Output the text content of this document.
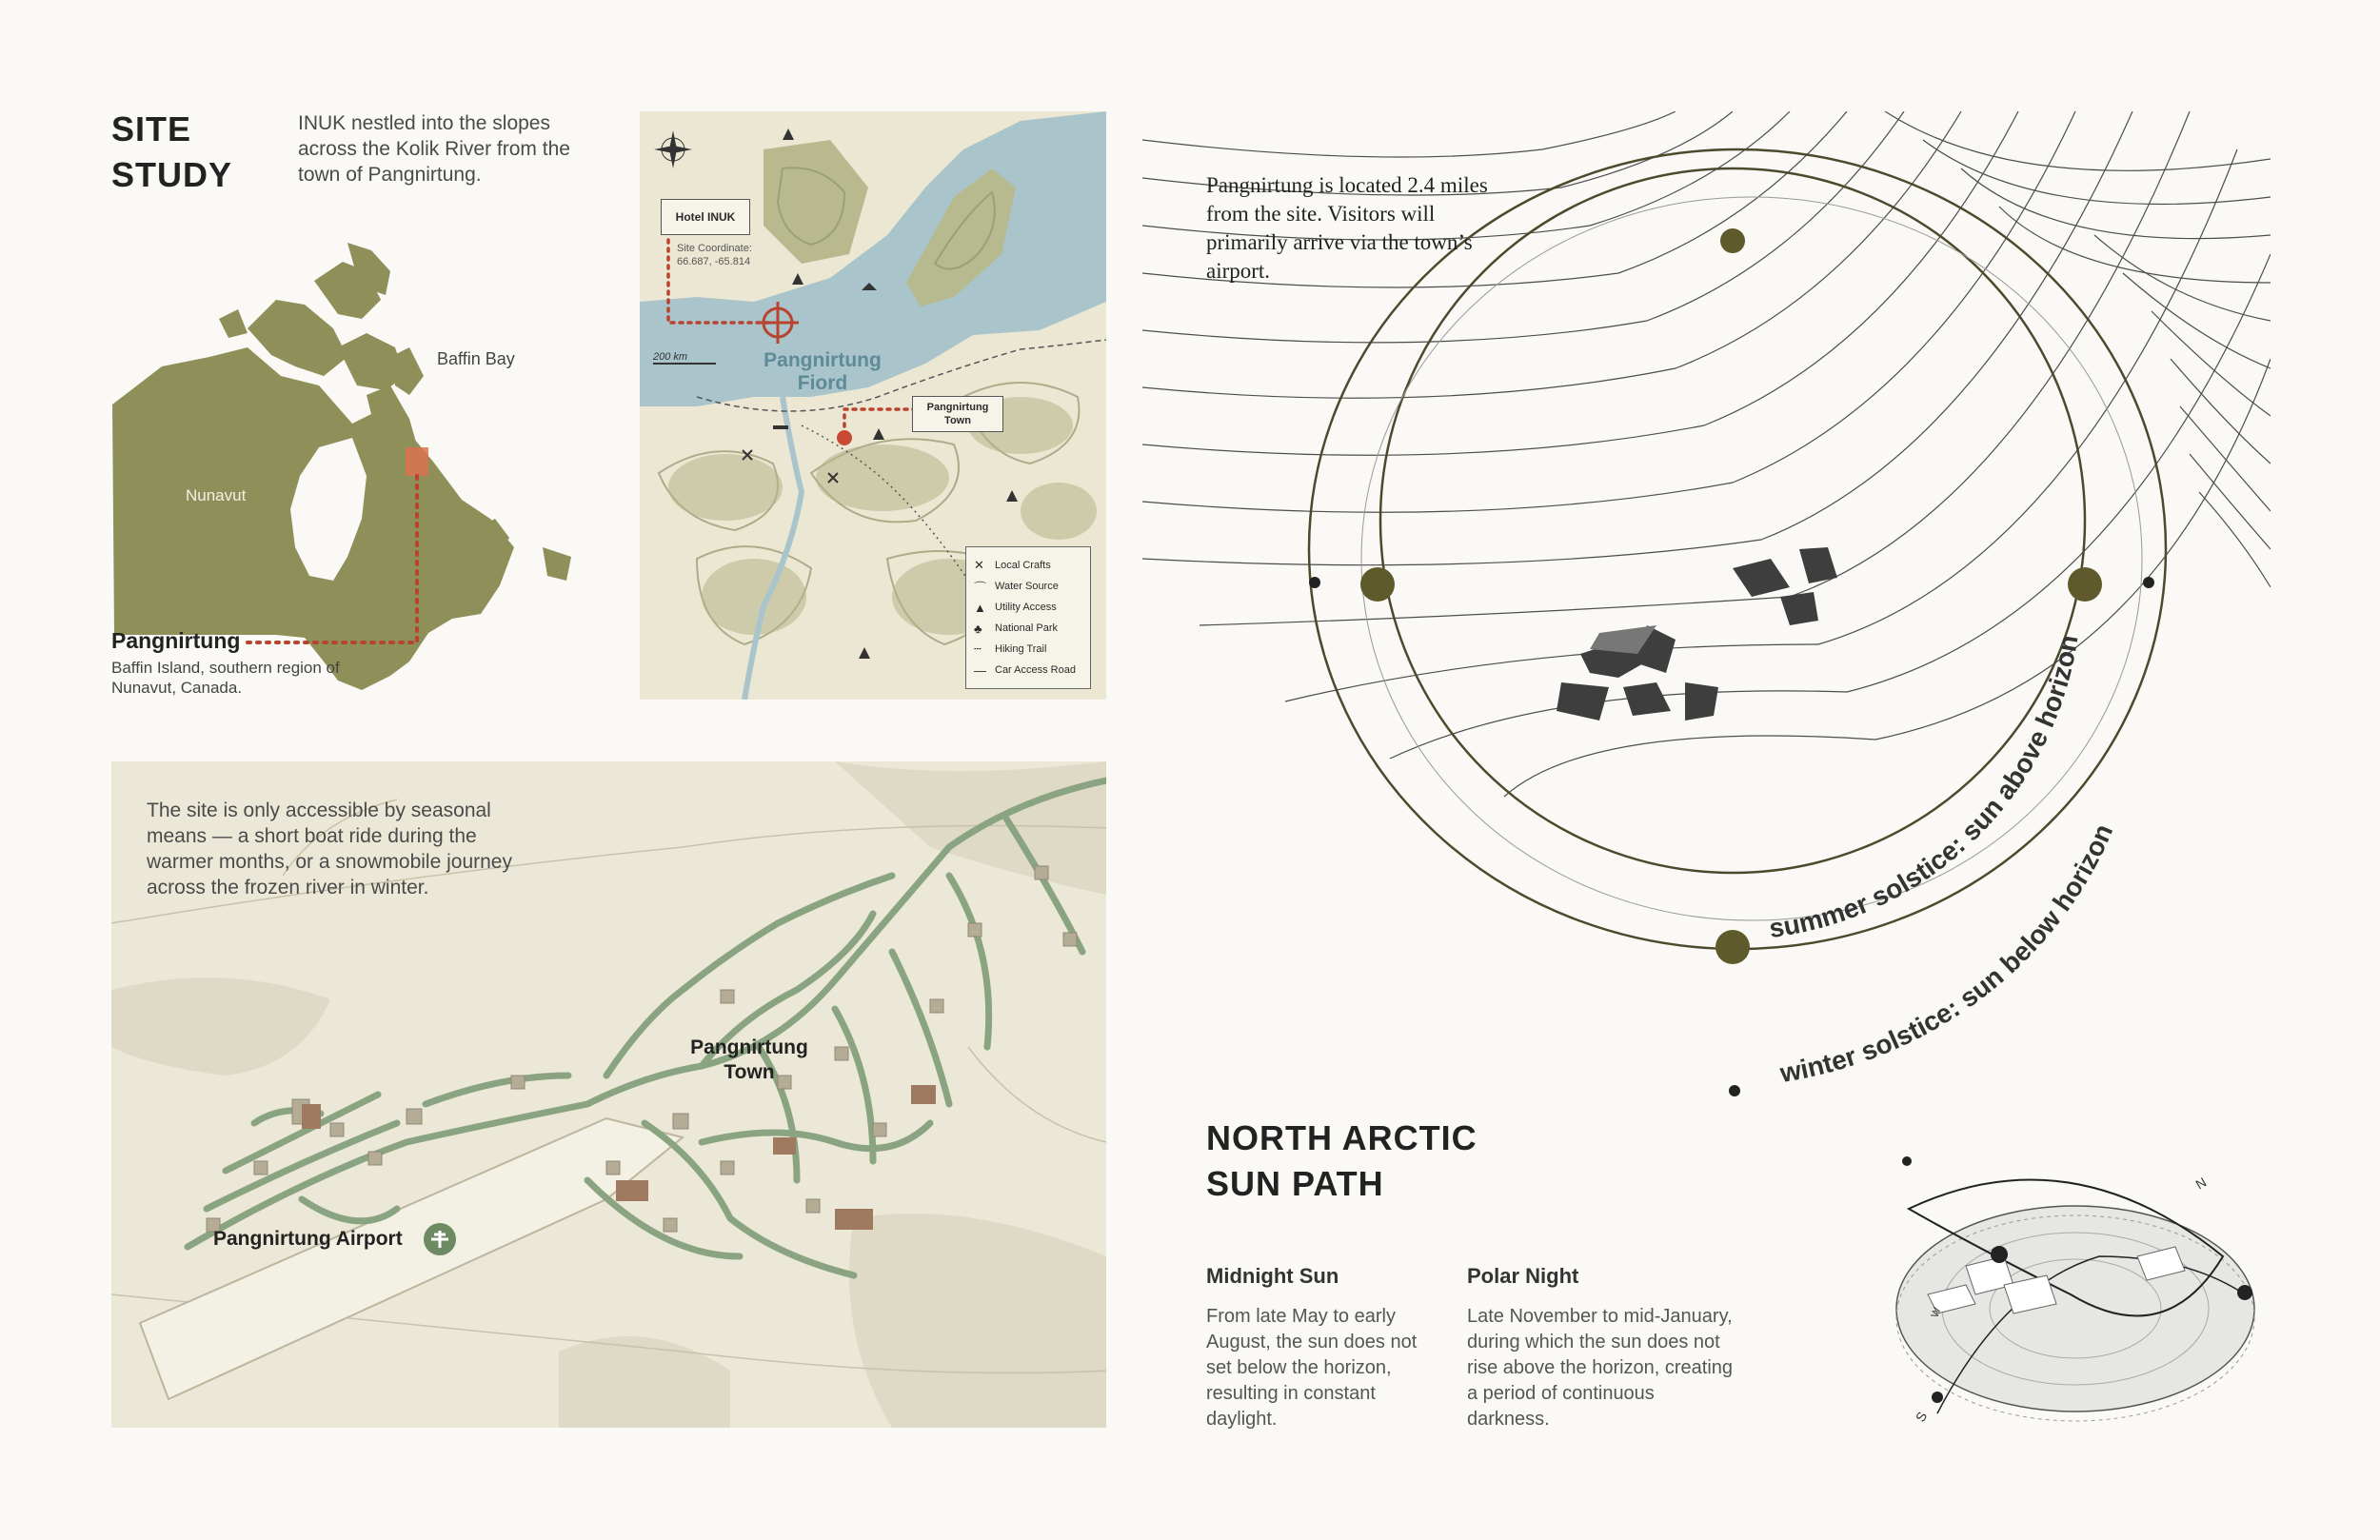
SITE
STUDY
INUK nestled into the slopes across the Kolik River from the town of Pangnirtung.
Baffin Bay
Nunavut
Pangnirtung
Baffin Island, southern region of Nunavut, Canada.
Hotel INUK
Site Coordinate:
66.687, -65.814
200 km	Pangnirtung
Fiord
Pangnirtung
Town
✕	Local Crafts
⌒ Water Source
▲ Utility Access
♣	National Park
┄	Hiking Trail
— Car Access Road
The site is only accessible by seasonal means — a short boat ride during the warmer months, or a snowmobile journey across the frozen river in winter.
Pangnirtung
Town
Pangnirtung Airport
summer solstice: sun above horizon
winter solstice: sun below horizon
Pangnirtung is located 2.4 miles from the site. Visitors will primarily arrive via the town’s airport.
NORTH ARCTIC
SUN PATH
Midnight Sun
From late May to early August, the sun does not set below the horizon, resulting in constant daylight.
Polar Night
Late November to mid-January, during which the sun does not rise above the horizon, creating a period of continuous darkness.
N
S
W
